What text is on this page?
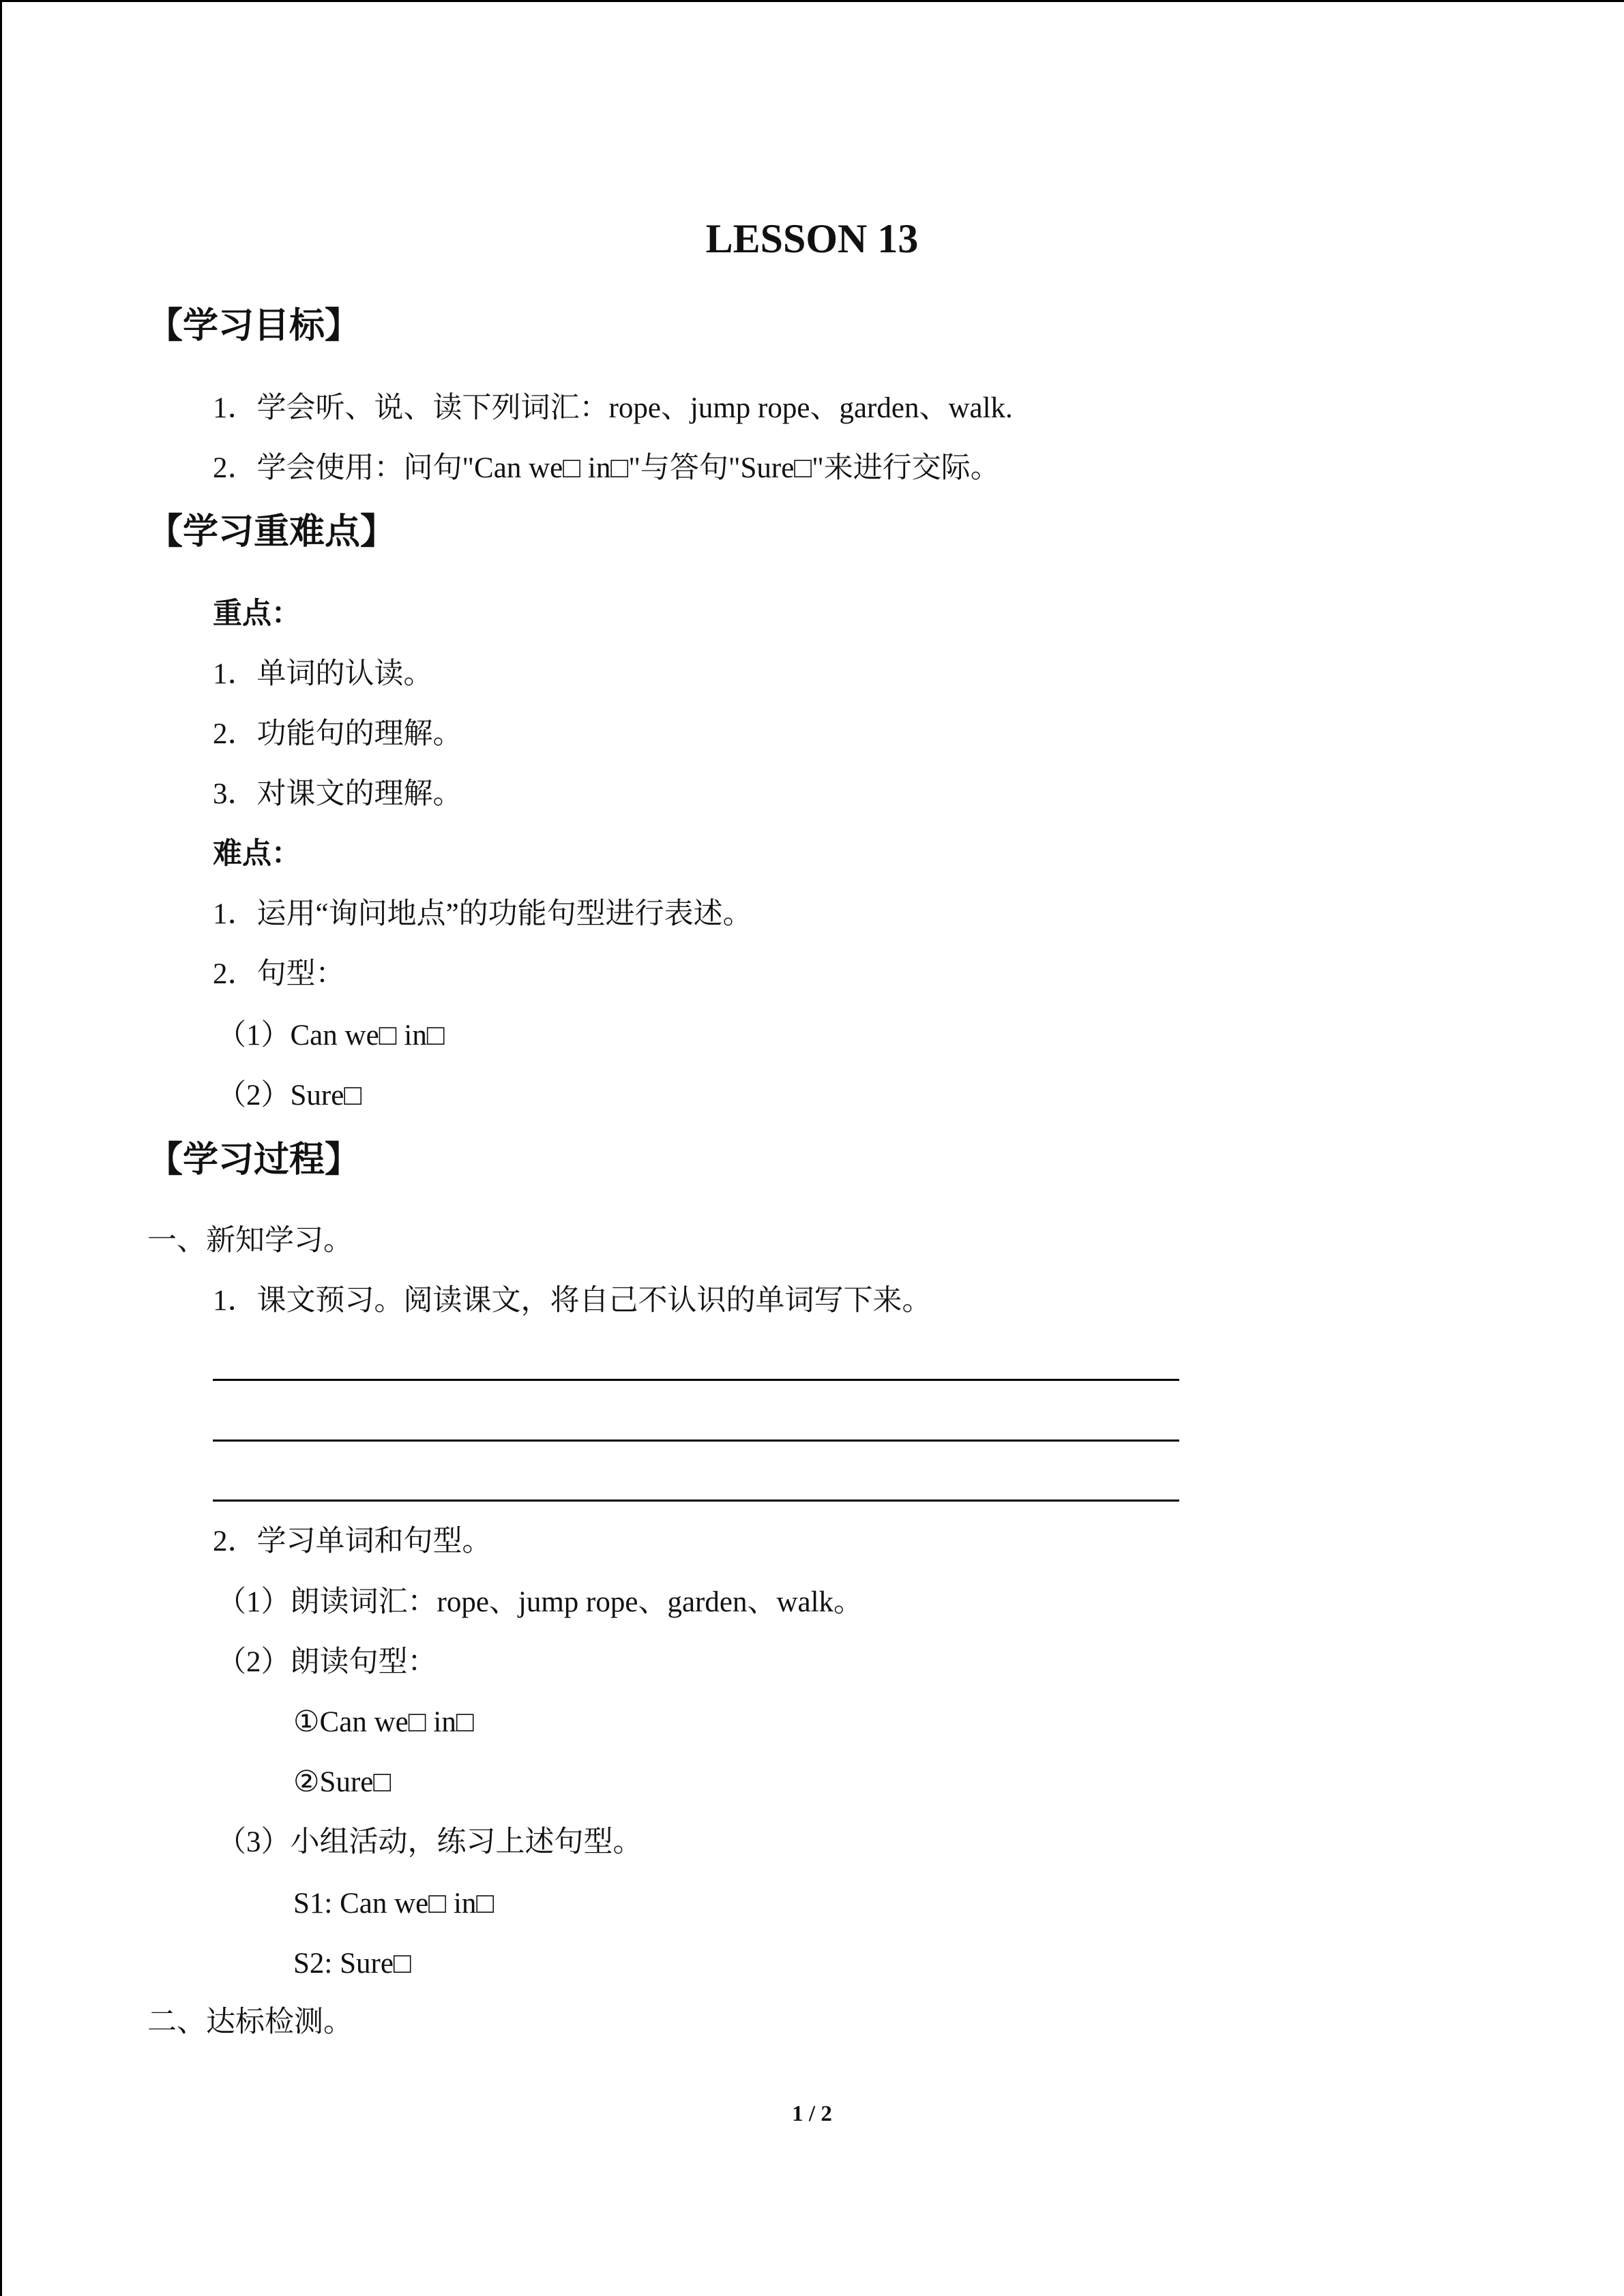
LESSON 13
【学习目标】
1．学会听、说、读下列词汇：rope、jump rope、garden、walk.
2．学会使用：问句"Can we□ in□"与答句"Sure□"来进行交际。
【学习重难点】
重点：
1．单词的认读。
2．功能句的理解。
3．对课文的理解。
难点：
1．运用“询问地点”的功能句型进行表述。
2．句型：
（1）Can we□ in□
（2）Sure□
【学习过程】
一、新知学习。
1．课文预习。阅读课文，将自己不认识的单词写下来。
2．学习单词和句型。
（1）朗读词汇：rope、jump rope、garden、walk。
（2）朗读句型：
①Can we□ in□
②Sure□
（3）小组活动，练习上述句型。
S1: Can we□ in□
S2: Sure□
二、达标检测。
1 / 2
